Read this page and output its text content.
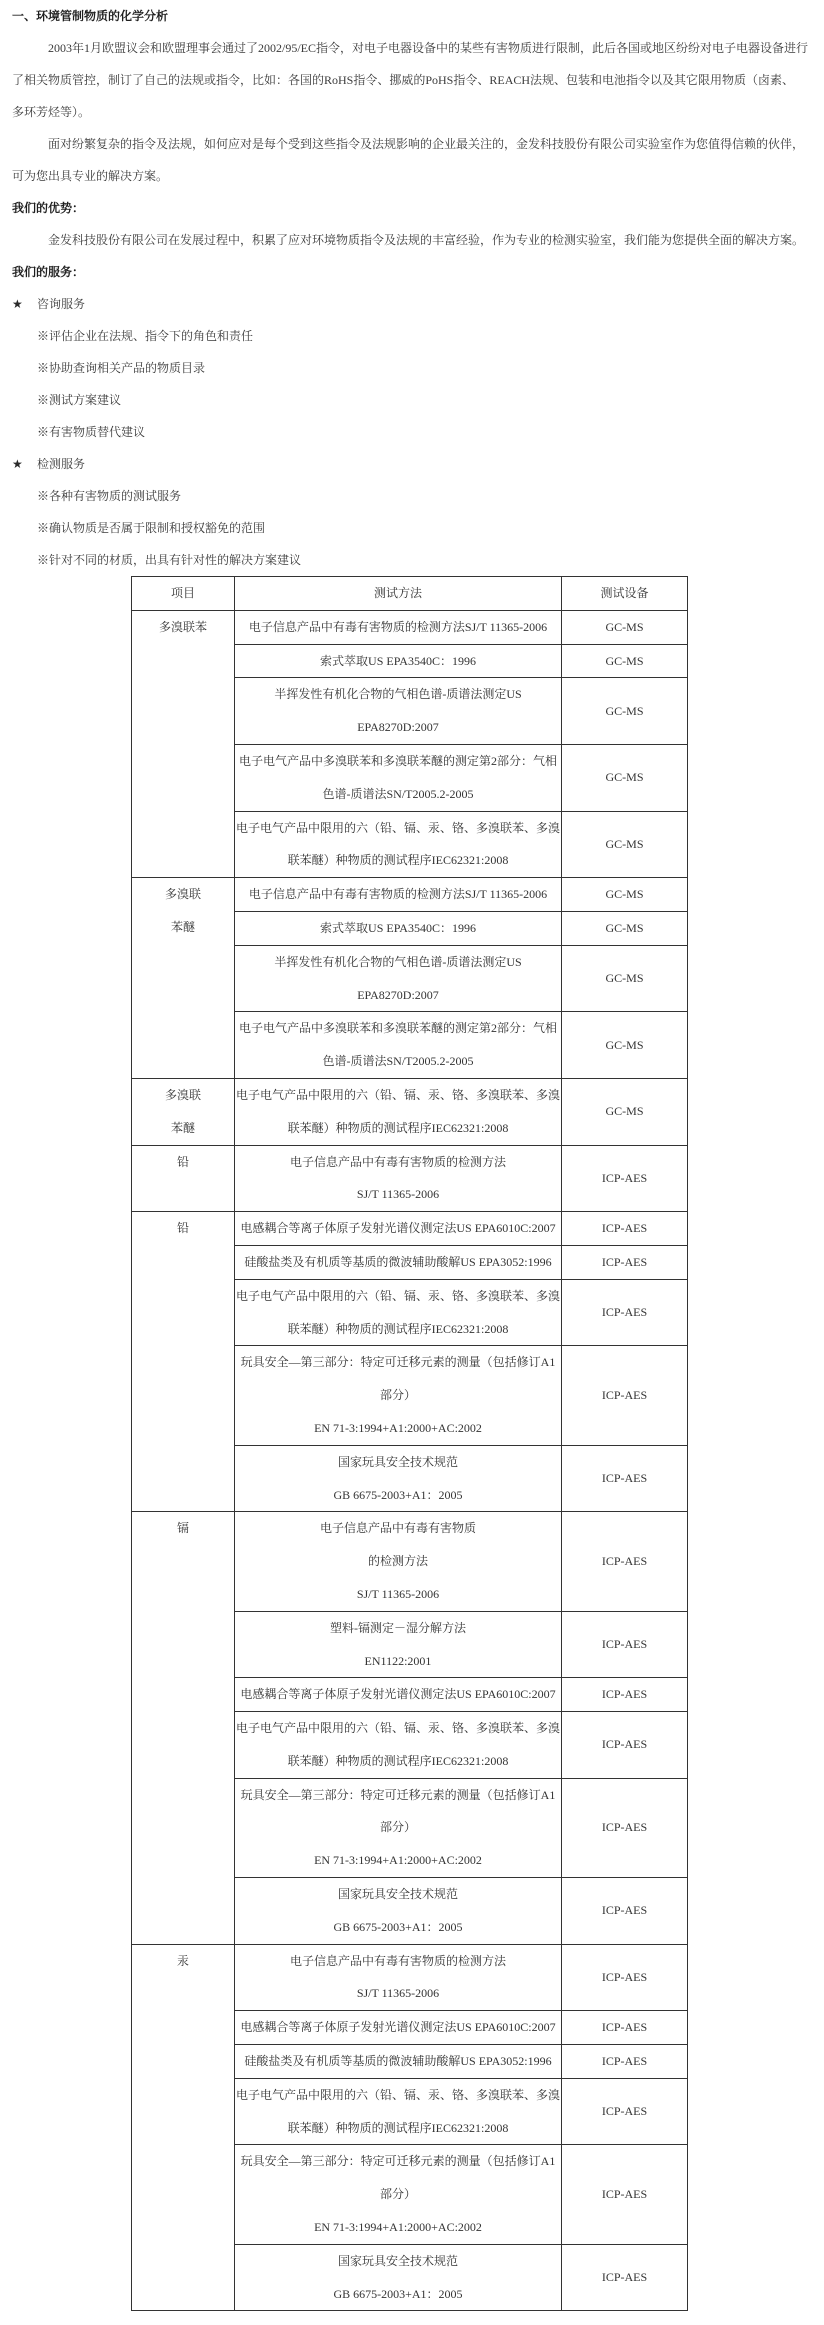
一、环境管制物质的化学分析
2003年1月欧盟议会和欧盟理事会通过了2002/95/EC指令，对电子电器设备中的某些有害物质进行限制，此后各国或地区纷纷对电子电器设备进行
了相关物质管控，制订了自己的法规或指令，比如：各国的RoHS指令、挪威的PoHS指令、REACH法规、包装和电池指令以及其它限用物质（卤素、
多环芳烃等）。
面对纷繁复杂的指令及法规，如何应对是每个受到这些指令及法规影响的企业最关注的，金发科技股份有限公司实验室作为您值得信赖的伙伴，
可为您出具专业的解决方案。
我们的优势：
金发科技股份有限公司在发展过程中，积累了应对环境物质指令及法规的丰富经验，作为专业的检测实验室，我们能为您提供全面的解决方案。
我们的服务：
★ 咨询服务
※评估企业在法规、指令下的角色和责任
※协助查询相关产品的物质目录
※测试方案建议
※有害物质替代建议
★ 检测服务
※各种有害物质的测试服务
※确认物质是否属于限制和授权豁免的范围
※针对不同的材质，出具有针对性的解决方案建议
项目	测试方法	测试设备

多溴联苯	电子信息产品中有毒有害物质的检测方法SJ/T 11365-2006	GC-MS

	索式萃取US EPA3540C：1996	GC-MS

	半挥发性有机化合物的气相色谱-质谱法测定US
EPA8270D:2007	GC-MS

	电子电气产品中多溴联苯和多溴联苯醚的测定第2部分：气相
色谱-质谱法SN/T2005.2-2005	GC-MS

	电子电气产品中限用的六（铅、镉、汞、铬、多溴联苯、多溴
联苯醚）种物质的测试程序IEC62321:2008	GC-MS

多溴联
苯醚	电子信息产品中有毒有害物质的检测方法SJ/T 11365-2006	GC-MS

	索式萃取US EPA3540C：1996	GC-MS

	半挥发性有机化合物的气相色谱-质谱法测定US
EPA8270D:2007	GC-MS

	电子电气产品中多溴联苯和多溴联苯醚的测定第2部分：气相
色谱-质谱法SN/T2005.2-2005	GC-MS

多溴联
苯醚	电子电气产品中限用的六（铅、镉、汞、铬、多溴联苯、多溴
联苯醚）种物质的测试程序IEC62321:2008	GC-MS

铅	电子信息产品中有毒有害物质的检测方法
SJ/T 11365-2006	ICP-AES

铅	电感耦合等离子体原子发射光谱仪测定法US EPA6010C:2007	ICP-AES

	硅酸盐类及有机质等基质的微波辅助酸解US EPA3052:1996	ICP-AES

	电子电气产品中限用的六（铅、镉、汞、铬、多溴联苯、多溴
联苯醚）种物质的测试程序IEC62321:2008	ICP-AES

	玩具安全—第三部分：特定可迁移元素的测量（包括修订A1
部分）
EN 71-3:1994+A1:2000+AC:2002	ICP-AES

	国家玩具安全技术规范
GB 6675-2003+A1：2005	ICP-AES

镉	电子信息产品中有毒有害物质
的检测方法
SJ/T 11365-2006	ICP-AES

	塑料-镉测定－湿分解方法
EN1122:2001	ICP-AES

	电感耦合等离子体原子发射光谱仪测定法US EPA6010C:2007	ICP-AES

	电子电气产品中限用的六（铅、镉、汞、铬、多溴联苯、多溴
联苯醚）种物质的测试程序IEC62321:2008	ICP-AES

	玩具安全—第三部分：特定可迁移元素的测量（包括修订A1
部分）
EN 71-3:1994+A1:2000+AC:2002	ICP-AES

	国家玩具安全技术规范
GB 6675-2003+A1：2005	ICP-AES

汞	电子信息产品中有毒有害物质的检测方法
SJ/T 11365-2006	ICP-AES

	电感耦合等离子体原子发射光谱仪测定法US EPA6010C:2007	ICP-AES

	硅酸盐类及有机质等基质的微波辅助酸解US EPA3052:1996	ICP-AES

	电子电气产品中限用的六（铅、镉、汞、铬、多溴联苯、多溴
联苯醚）种物质的测试程序IEC62321:2008	ICP-AES

	玩具安全—第三部分：特定可迁移元素的测量（包括修订A1
部分）
EN 71-3:1994+A1:2000+AC:2002	ICP-AES

	国家玩具安全技术规范
GB 6675-2003+A1：2005	ICP-AES
